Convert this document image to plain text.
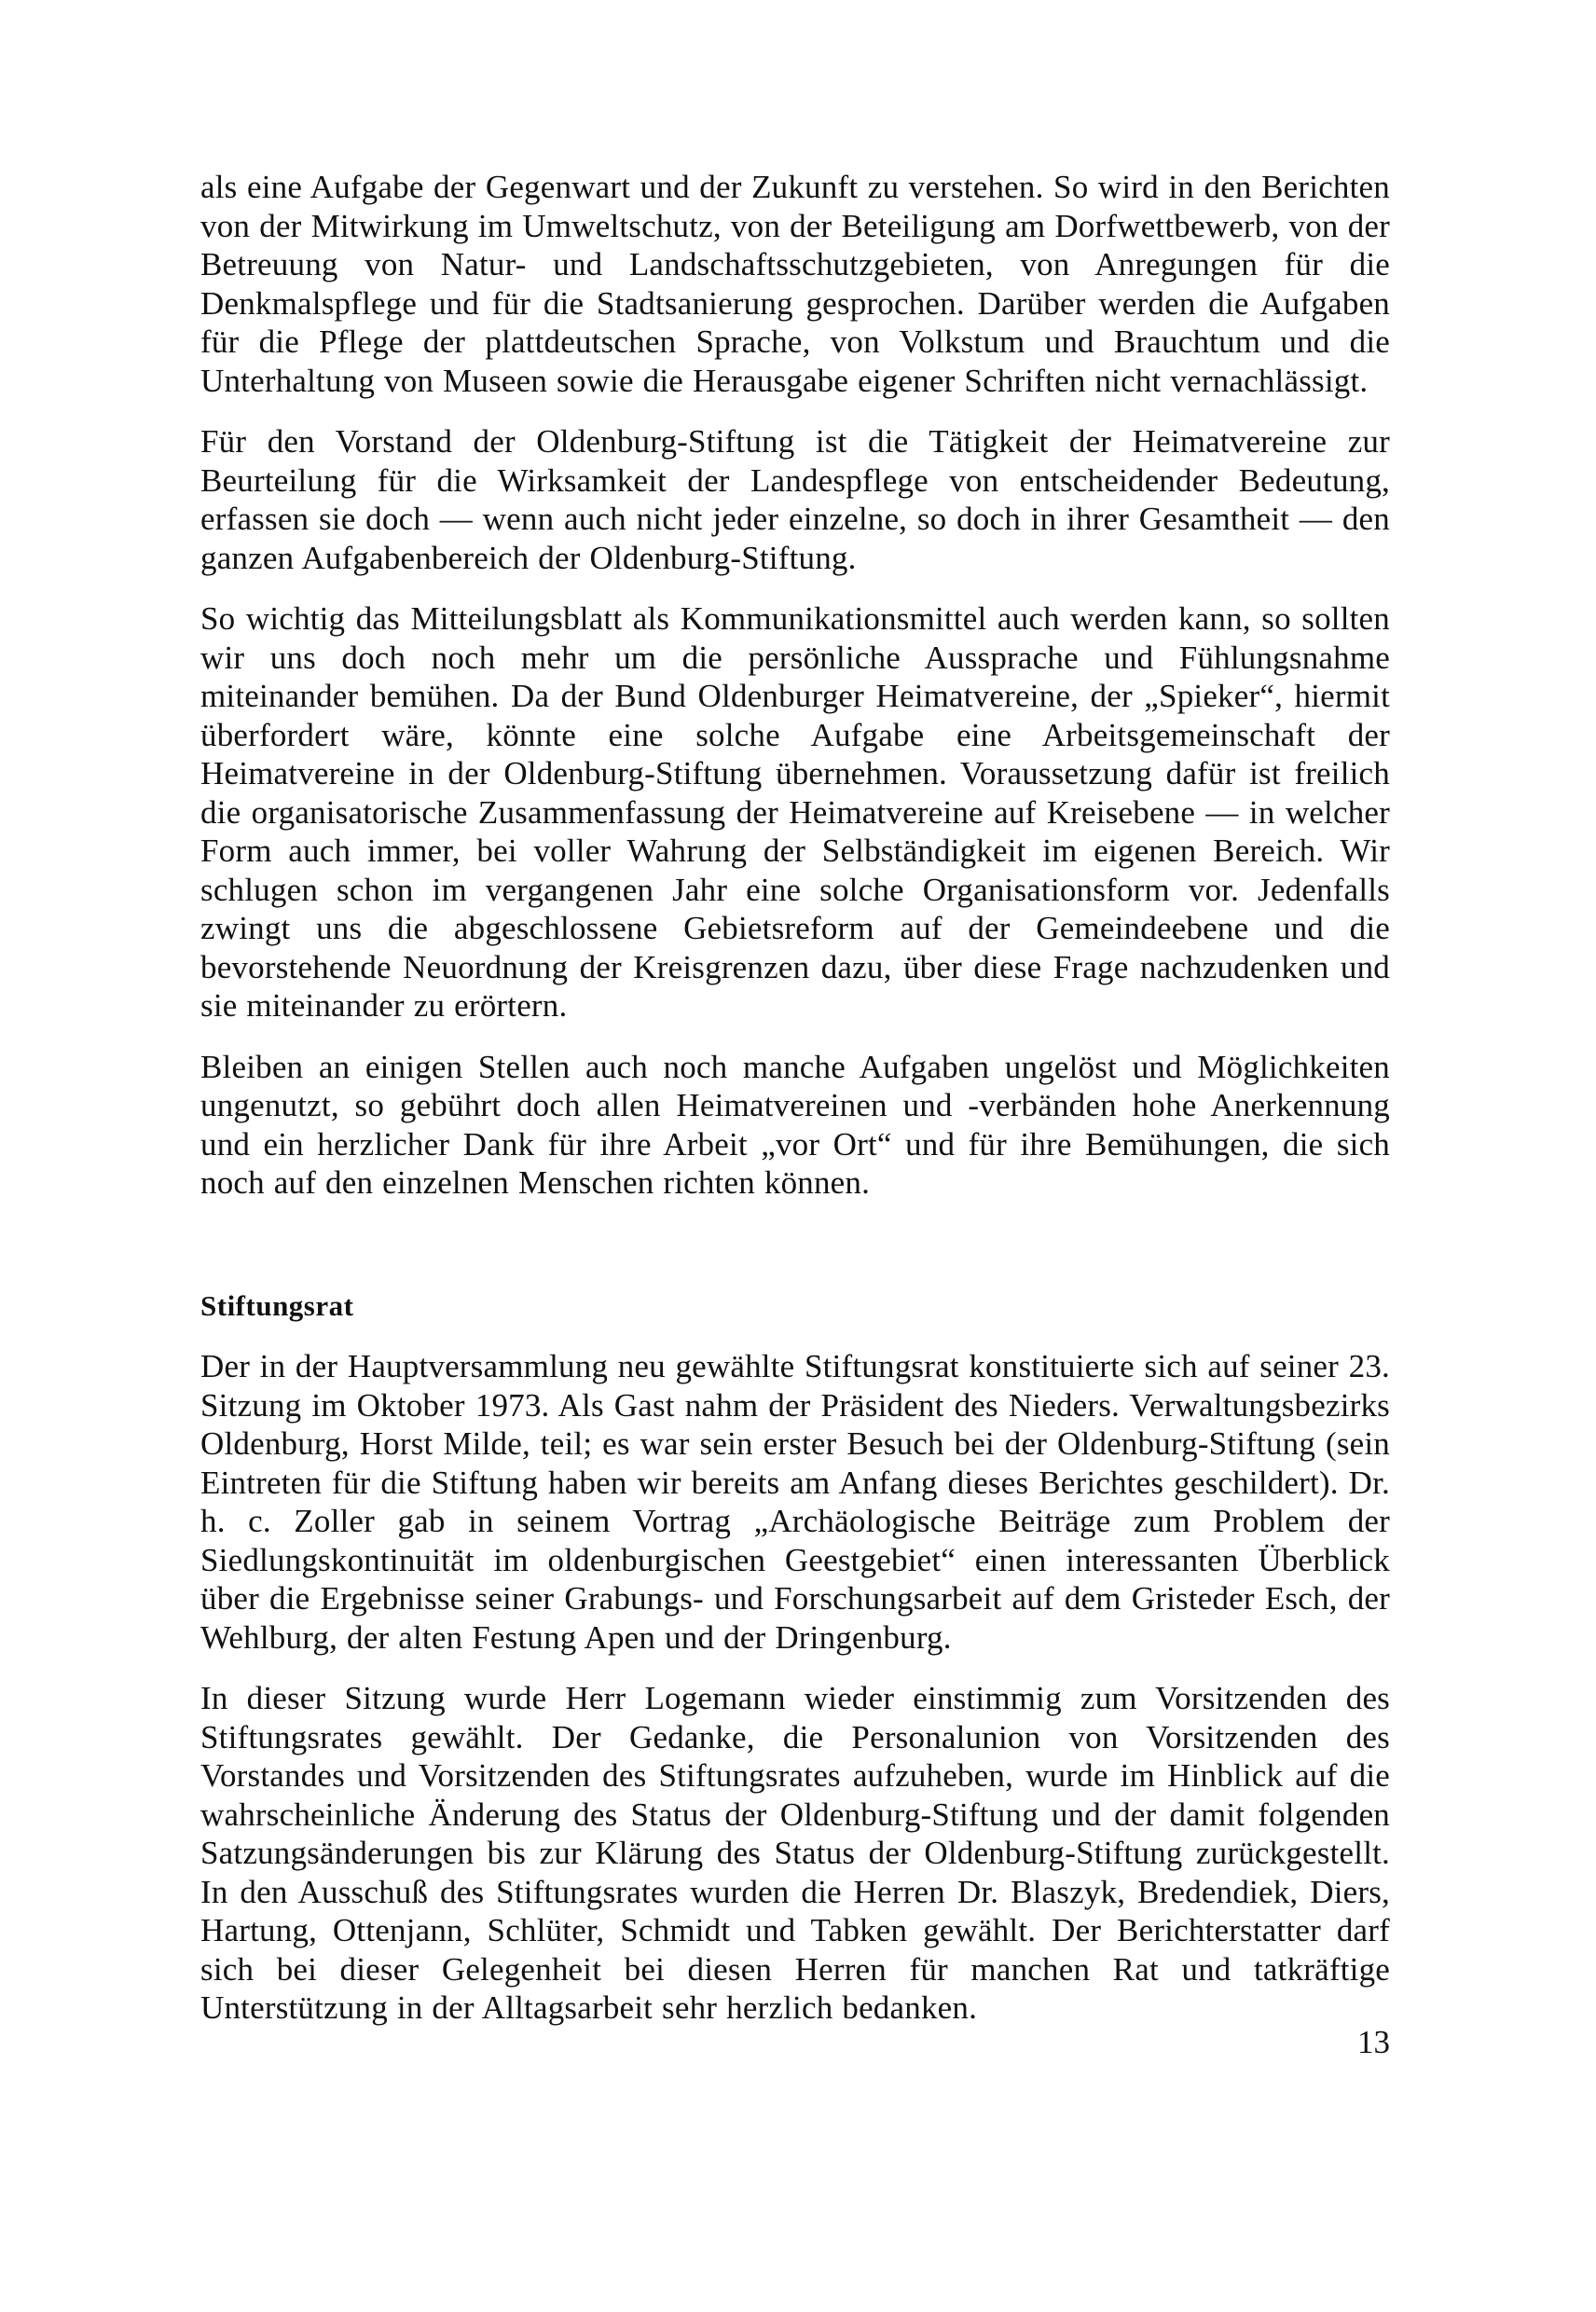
als eine Aufgabe der Gegenwart und der Zukunft zu verstehen. So wird in den Berichten von der Mitwirkung im Umweltschutz, von der Beteiligung am Dorfwettbewerb, von der Betreuung von Natur- und Landschaftsschutzgebieten, von Anregungen für die Denkmalspflege und für die Stadtsanierung gesprochen. Darüber werden die Aufgaben für die Pflege der plattdeutschen Sprache, von Volkstum und Brauchtum und die Unterhaltung von Museen sowie die Herausgabe eigener Schriften nicht vernachlässigt.

Für den Vorstand der Oldenburg-Stiftung ist die Tätigkeit der Heimatvereine zur Beurteilung für die Wirksamkeit der Landespflege von entscheidender Bedeutung, erfassen sie doch — wenn auch nicht jeder einzelne, so doch in ihrer Gesamtheit — den ganzen Aufgabenbereich der Oldenburg-Stiftung.

So wichtig das Mitteilungsblatt als Kommunikationsmittel auch werden kann, so sollten wir uns doch noch mehr um die persönliche Aussprache und Fühlungsnahme miteinander bemühen. Da der Bund Oldenburger Heimatvereine, der „Spieker“, hiermit überfordert wäre, könnte eine solche Aufgabe eine Arbeitsgemeinschaft der Heimatvereine in der Oldenburg-Stiftung übernehmen. Voraussetzung dafür ist freilich die organisatorische Zusammenfassung der Heimatvereine auf Kreisebene — in welcher Form auch immer, bei voller Wahrung der Selbständigkeit im eigenen Bereich. Wir schlugen schon im vergangenen Jahr eine solche Organisationsform vor. Jedenfalls zwingt uns die abgeschlossene Gebietsreform auf der Gemeindeebene und die bevorstehende Neuordnung der Kreisgrenzen dazu, über diese Frage nachzudenken und sie miteinander zu erörtern.

Bleiben an einigen Stellen auch noch manche Aufgaben ungelöst und Möglichkeiten ungenutzt, so gebührt doch allen Heimatvereinen und -verbänden hohe Anerkennung und ein herzlicher Dank für ihre Arbeit „vor Ort“ und für ihre Bemühungen, die sich noch auf den einzelnen Menschen richten können.

Stiftungsrat

Der in der Hauptversammlung neu gewählte Stiftungsrat konstituierte sich auf seiner 23. Sitzung im Oktober 1973. Als Gast nahm der Präsident des Nieders. Verwaltungsbezirks Oldenburg, Horst Milde, teil; es war sein erster Besuch bei der Oldenburg-Stiftung (sein Eintreten für die Stiftung haben wir bereits am Anfang dieses Berichtes geschildert). Dr. h. c. Zoller gab in seinem Vortrag „Archäologische Beiträge zum Problem der Siedlungskontinuität im oldenburgischen Geestgebiet“ einen interessanten Überblick über die Ergebnisse seiner Grabungs- und Forschungsarbeit auf dem Gristeder Esch, der Wehlburg, der alten Festung Apen und der Dringenburg.

In dieser Sitzung wurde Herr Logemann wieder einstimmig zum Vorsitzenden des Stiftungsrates gewählt. Der Gedanke, die Personalunion von Vorsitzenden des Vorstandes und Vorsitzenden des Stiftungsrates aufzuheben, wurde im Hinblick auf die wahrscheinliche Änderung des Status der Oldenburg-Stiftung und der damit folgenden Satzungsänderungen bis zur Klärung des Status der Oldenburg-Stiftung zurückgestellt. In den Ausschuß des Stiftungsrates wurden die Herren Dr. Blaszyk, Bredendiek, Diers, Hartung, Ottenjann, Schlüter, Schmidt und Tabken gewählt. Der Berichterstatter darf sich bei dieser Gelegenheit bei diesen Herren für manchen Rat und tatkräftige Unterstützung in der Alltagsarbeit sehr herzlich bedanken.

13
